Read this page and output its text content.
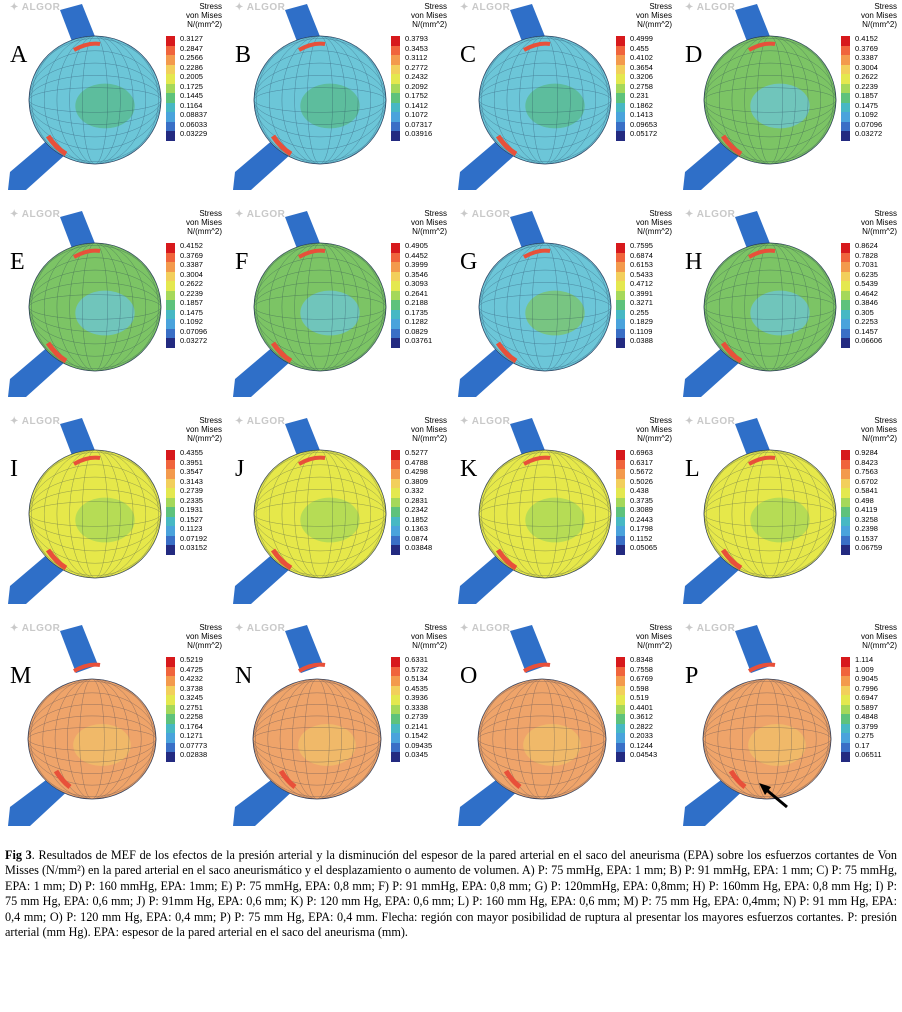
✦ ALGOR
A
Stress
von Mises
N/(mm^2)
0.3127
0.2847
0.2566
0.2286
0.2005
0.1725
0.1445
0.1164
0.08837
0.06033
0.03229
✦ ALGOR
B
Stress
von Mises
N/(mm^2)
0.3793
0.3453
0.3112
0.2772
0.2432
0.2092
0.1752
0.1412
0.1072
0.07317
0.03916
✦ ALGOR
C
Stress
von Mises
N/(mm^2)
0.4999
0.455
0.4102
0.3654
0.3206
0.2758
0.231
0.1862
0.1413
0.09653
0.05172
✦ ALGOR
D
Stress
von Mises
N/(mm^2)
0.4152
0.3769
0.3387
0.3004
0.2622
0.2239
0.1857
0.1475
0.1092
0.07096
0.03272
✦ ALGOR
E
Stress
von Mises
N/(mm^2)
0.4152
0.3769
0.3387
0.3004
0.2622
0.2239
0.1857
0.1475
0.1092
0.07096
0.03272
✦ ALGOR
F
Stress
von Mises
N/(mm^2)
0.4905
0.4452
0.3999
0.3546
0.3093
0.2641
0.2188
0.1735
0.1282
0.0829
0.03761
✦ ALGOR
G
Stress
von Mises
N/(mm^2)
0.7595
0.6874
0.6153
0.5433
0.4712
0.3991
0.3271
0.255
0.1829
0.1109
0.0388
✦ ALGOR
H
Stress
von Mises
N/(mm^2)
0.8624
0.7828
0.7031
0.6235
0.5439
0.4642
0.3846
0.305
0.2253
0.1457
0.06606
✦ ALGOR
I
Stress
von Mises
N/(mm^2)
0.4355
0.3951
0.3547
0.3143
0.2739
0.2335
0.1931
0.1527
0.1123
0.07192
0.03152
✦ ALGOR
J
Stress
von Mises
N/(mm^2)
0.5277
0.4788
0.4298
0.3809
0.332
0.2831
0.2342
0.1852
0.1363
0.0874
0.03848
✦ ALGOR
K
Stress
von Mises
N/(mm^2)
0.6963
0.6317
0.5672
0.5026
0.438
0.3735
0.3089
0.2443
0.1798
0.1152
0.05065
✦ ALGOR
L
Stress
von Mises
N/(mm^2)
0.9284
0.8423
0.7563
0.6702
0.5841
0.498
0.4119
0.3258
0.2398
0.1537
0.06759
✦ ALGOR
M
Stress
von Mises
N/(mm^2)
0.5219
0.4725
0.4232
0.3738
0.3245
0.2751
0.2258
0.1764
0.1271
0.07773
0.02838
✦ ALGOR
N
Stress
von Mises
N/(mm^2)
0.6331
0.5732
0.5134
0.4535
0.3936
0.3338
0.2739
0.2141
0.1542
0.09435
0.0345
✦ ALGOR
O
Stress
von Mises
N/(mm^2)
0.8348
0.7558
0.6769
0.598
0.519
0.4401
0.3612
0.2822
0.2033
0.1244
0.04543
✦ ALGOR
P
Stress
von Mises
N/(mm^2)
1.114
1.009
0.9045
0.7996
0.6947
0.5897
0.4848
0.3799
0.275
0.17
0.06511
Fig 3. Resultados de MEF de los efectos de la presión arterial y la disminución del espesor de la pared arterial en el saco del aneurisma (EPA) sobre los esfuerzos cortantes de Von Misses (N/mm²) en la pared arterial en el saco aneurismático y el desplazamiento o aumento de volumen. A) P: 75 mmHg, EPA: 1 mm; B) P: 91 mmHg, EPA: 1 mm; C) P: 75 mmHg, EPA: 1 mm; D) P: 160 mmHg, EPA: 1mm; E) P: 75 mmHg, EPA: 0,8 mm; F) P: 91 mmHg, EPA: 0,8 mm; G) P: 120mmHg, EPA: 0,8mm; H) P: 160mm Hg, EPA: 0,8 mm Hg; I) P: 75 mm Hg, EPA: 0,6 mm; J) P: 91mm Hg, EPA: 0,6 mm; K) P: 120 mm Hg, EPA: 0,6 mm; L) P: 160 mm Hg, EPA: 0,6 mm; M) P: 75 mm Hg, EPA: 0,4mm; N) P: 91 mm Hg, EPA: 0,4 mm; O) P: 120 mm Hg, EPA: 0,4 mm; P) P: 75 mm Hg, EPA: 0,4 mm. Flecha: región con mayor posibilidad de ruptura al presentar los mayores esfuerzos cortantes. P: presión arterial (mm Hg). EPA: espesor de la pared arterial en el saco del aneurisma (mm).
